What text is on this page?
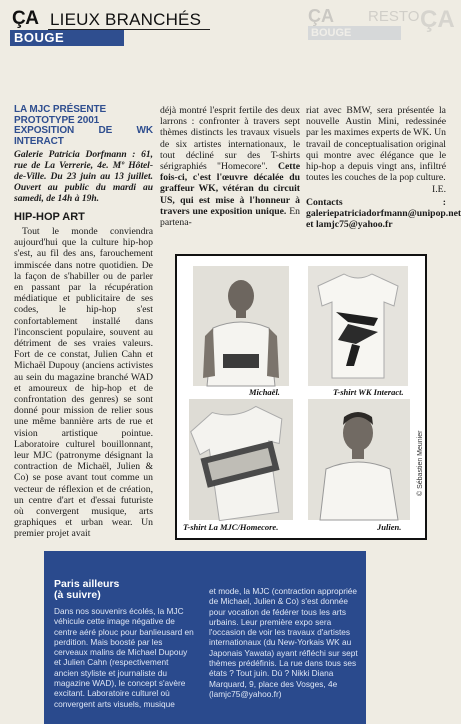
ÇA LIEUX BRANCHÉS
BOUGE
ÇA RESTO
BOUGE	ÇA
LA MJC PRÉSENTE
PROTOTYPE 2001
EXPOSITION DE WK INTERACT
Galerie Patricia Dorfmann : 61, rue de La Verrerie, 4e. Mº Hôtel-de-Ville. Du 23 juin au 13 juillet. Ouvert au public du mardi au samedi, de 14h à 19h.
HIP-HOP ART
Tout le monde conviendra aujourd'hui que la culture hip-hop s'est, au fil des ans, farouchement immiscée dans notre quotidien. De la façon de s'habiller ou de parler en passant par la récupération médiatique et publicitaire de ses codes, le hip-hop s'est confortablement installé dans l'inconscient populaire, souvent au détriment de ses vraies valeurs. Fort de ce constat, Julien Cahn et Michaël Dupouy (anciens activistes au sein du magazine branché WAD et amoureux de hip-hop et de confrontation des genres) se sont donné pour mission de relier sous une même bannière arts de rue et vision artistique pointue. Laboratoire culturel bouillonnant, leur MJC (patronyme désignant la contraction de Michaël, Julien & Co) se pose avant tout comme un vecteur de réflexion et de création, un centre d'art et d'essai futuriste où convergent musique, arts graphiques et urban wear. Un premier projet avait
déjà montré l'esprit fertile des deux larrons : confronter à travers sept thèmes distincts les travaux visuels de six artistes internationaux, le tout décliné sur des T-shirts sérigraphiés "Homecore". Cette fois-ci, c'est l'œuvre décalée du graffeur WK, vétéran du circuit US, qui est mise à l'honneur à travers une exposition unique. En partena-
riat avec BMW, sera présentée la nouvelle Austin Mini, redessinée par les maximes experts de WK. Un travail de conceptualisation original qui montre avec élégance que le hip-hop a depuis vingt ans, infiltré toutes les couches de la pop culture.
I.E.
Contacts : galeriepatriciadorfmann@unipop.net et lamjc75@yahoo.fr
Michaël.	T-shirt WK Interact.
T-shirt La MJC/Homecore.	Julien.
© Sébastien Meunier
Paris ailleurs
(à suivre)
Dans nos souvenirs écolés, la MJC véhicule cette image négative de centre aéré plouc pour banlieusard en perdition. Mais boosté par les cerveaux malins de Michael Dupouy et Julien Cahn (respectivement ancien styliste et journaliste du magazine WAD), le concept s'avère excitant. Laboratoire culturel où convergent arts visuels, musique
et mode, la MJC (contraction appropriée de Michael, Julien & Co) s'est donnée pour vocation de fédérer tous les arts urbains. Leur première expo sera l'occasion de voir les travaux d'artistes internationaux (du New-Yorkais WK au Japonais Yawata) ayant réfléchi sur sept thèmes prédéfinis. La rue dans tous ses états ? Tout juin. Dù ? Nikki Diana Marquard, 9, place des Vosges, 4e (lamjc75@yahoo.fr)
